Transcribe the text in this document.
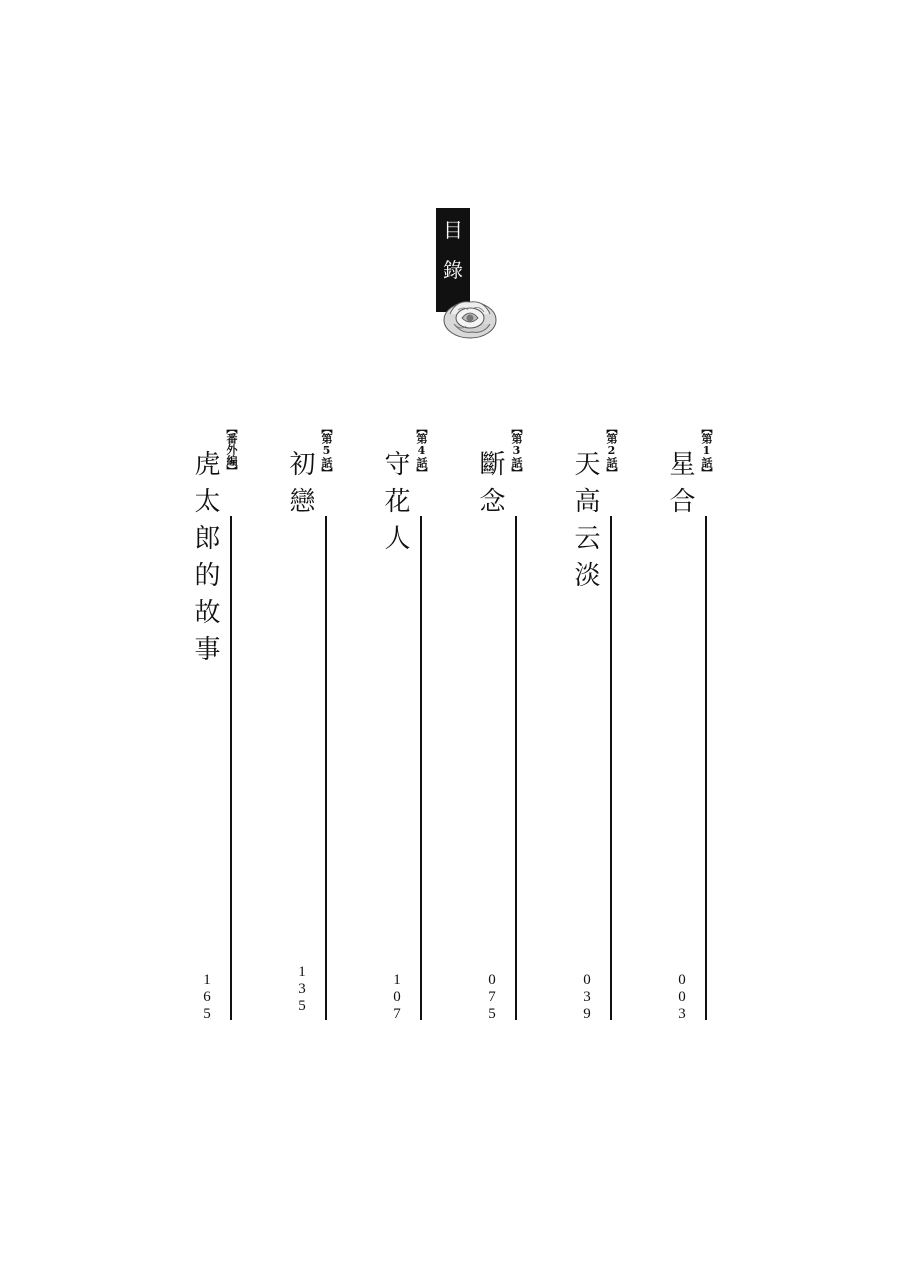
目
錄
【
第1話
】
星合
003
【
第2話
】
天高云淡
039
【
第3話
】
斷念
075
【
第4話
】
守花人
107
【
第5話
】
初戀
135
【
番外編
】
虎太郎的故事
165
